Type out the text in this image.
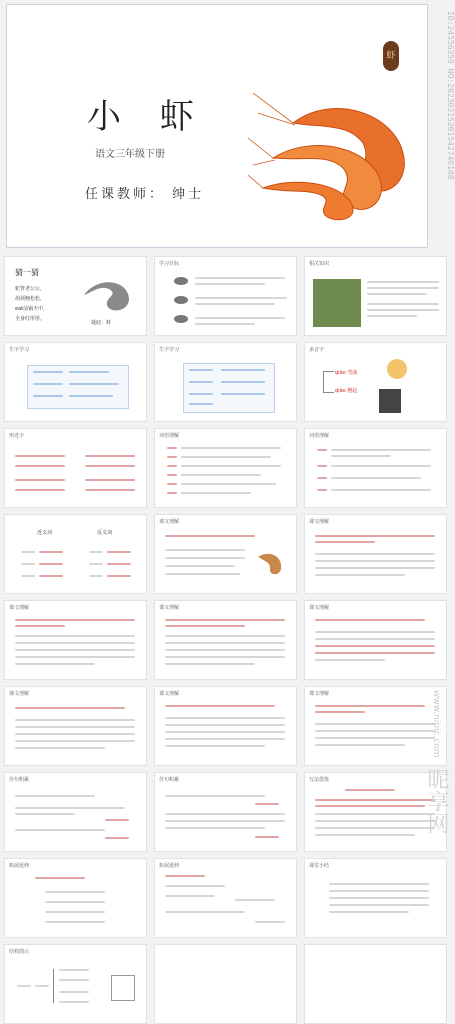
小 虾
语文三年级下册
任课教师： 绅士
虾	ID:24556359 NO:20230315201542740108
猜一猜
驼背老公公，
胡须翘松松，
eat前锅火中，
全身红彤彤。
谜底：虾
学习目标	相关知识
生字学习	生字学习	多音字
qiāo 弯曲
qiào 翘起
形近字	词语理解	词语理解
近义词	反义词
课文理解	课文理解
课文理解	课文理解	课文理解
课文理解	课文理解	课文理解
佳句积累	佳句积累	写法借鉴
拓展延伸	拓展延伸	课堂小结
结构图示
www.nipic.com 昵享网
